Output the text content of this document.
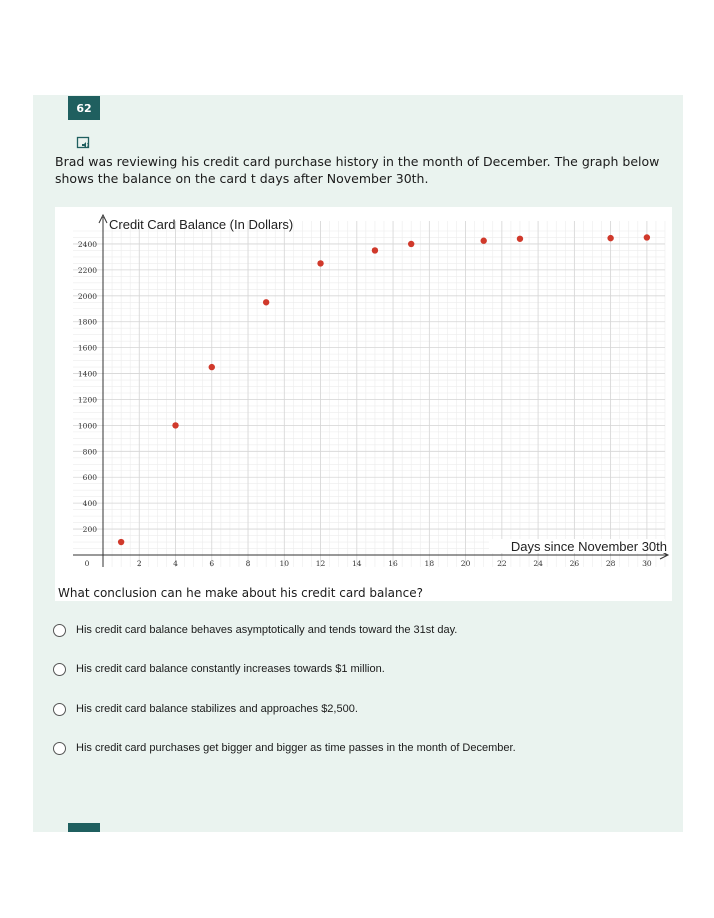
62
Brad was reviewing his credit card purchase history in the month of December. The graph below shows the balance on the card t days after November 30th.
200
400
600
800
1000
1200
1400
1600
1800
2000
2200
2400
0	2	4	6	8	10	12	14	16	18	20	22	24	26	28	30
Credit Card Balance (In Dollars)
Days since November 30th
What conclusion can he make about his credit card balance?
His credit card balance behaves asymptotically and tends toward the 31st day.
His credit card balance constantly increases towards $1 million.
His credit card balance stabilizes and approaches $2,500.
His credit card purchases get bigger and bigger as time passes in the month of December.
